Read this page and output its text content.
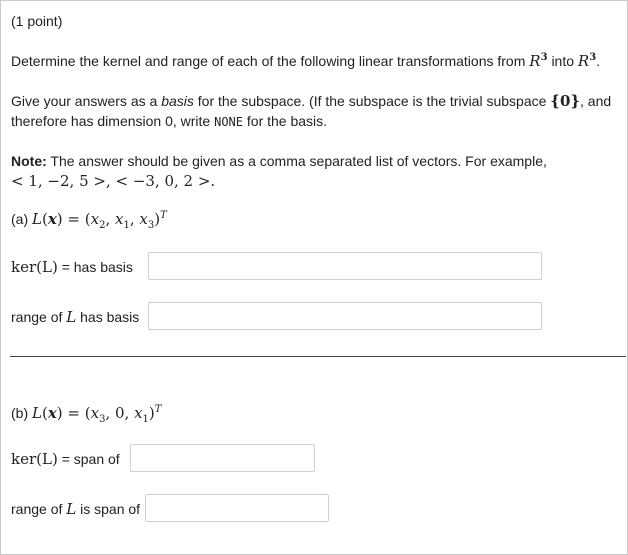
(1 point)
Determine the kernel and range of each of the following linear transformations from $R^3$ into $R^3$.
Give your answers as a basis for the subspace. (If the subspace is the trivial subspace {0}, and
therefore has dimension 0, write NONE for the basis.
Note: The answer should be given as a comma separated list of vectors. For example,
< 1, −2, 5 >, < −3, 0, 2 >.
(a) $L(x) = (x_2$, $x_1$, $x_3)^T$
ker(L) = has basis
range of L has basis
(b) $L(x) = (x_3$, 0, $x_1)^T$
ker(L) = span of
range of L is span of
